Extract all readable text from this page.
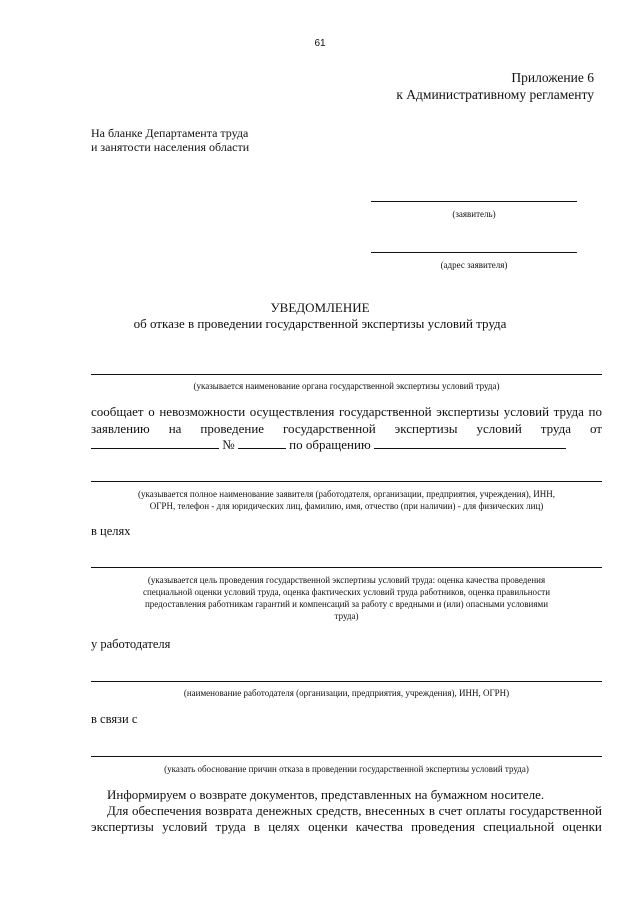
61
Приложение 6
к Административному регламенту
На бланке Департамента труда
и занятости населения области
(заявитель)
(адрес заявителя)
УВЕДОМЛЕНИЕ
об отказе в проведении государственной экспертизы условий труда
(указывается наименование органа государственной экспертизы условий труда)
сообщает о невозможности осуществления государственной экспертизы условий труда по
заявлению на проведение государственной экспертизы условий труда от
№	по обращению
(указывается полное наименование заявителя (работодателя, организации, предприятия, учреждения), ИНН,
ОГРН, телефон - для юридических лиц, фамилию, имя, отчество (при наличии) - для физических лиц)
в целях
(указывается цель проведения государственной экспертизы условий труда: оценка качества проведения
специальной оценки условий труда, оценка фактических условий труда работников, оценка правильности
предоставления работникам гарантий и компенсаций за работу с вредными и (или) опасными условиями
труда)
у работодателя
(наименование работодателя (организации, предприятия, учреждения), ИНН, ОГРН)
в связи с
(указать обоснование причин отказа в проведении государственной экспертизы условий труда)
Информируем о возврате документов, представленных на бумажном носителе.
Для обеспечения возврата денежных средств, внесенных в счет оплаты государственной
экспертизы условий труда в целях оценки качества проведения специальной оценки
